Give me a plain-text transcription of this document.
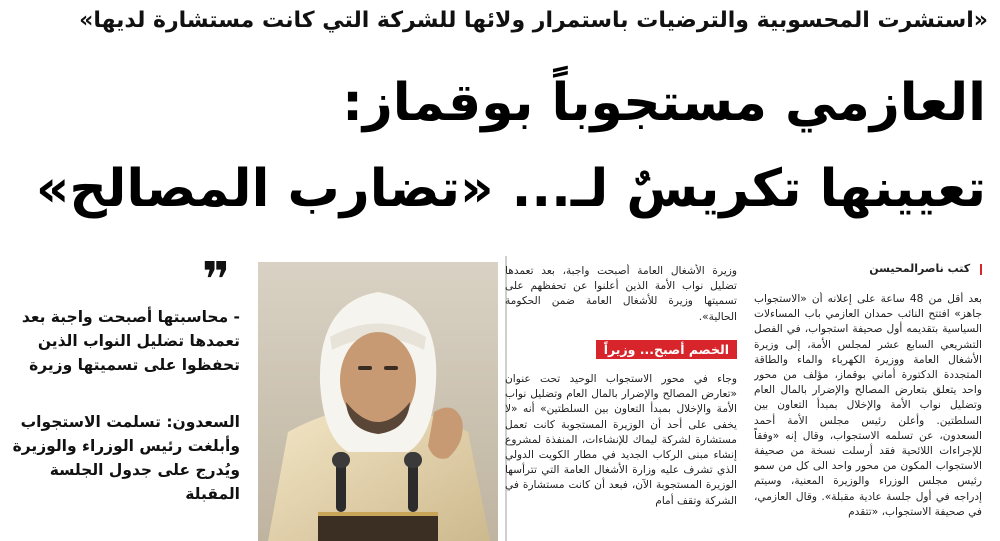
«استشرت المحسوبية والترضيات باستمرار ولائها للشركة التي كانت مستشارة لديها»
العازمي مستجوباً بوقماز:
تعيينها تكريسٌ لـ... «تضارب المصالح»
كتب ناصرالمحيسن
بعد أقل من 48 ساعة على إعلانه أن «الاستجواب جاهز» افتتح النائب حمدان العازمي باب المساءلات السياسية بتقديمه أول صحيفة استجواب، في الفصل التشريعي السابع عشر لمجلس الأمة، إلى وزيرة الأشغال العامة ووزيرة الكهرباء والماء والطاقة المتجددة الدكتورة أماني بوقماز، مؤلف من محور واحد يتعلق بتعارض المصالح والإضرار بالمال العام وتضليل نواب الأمة والإخلال بمبدأ التعاون بين السلطتين. وأعلن رئيس مجلس الأمة أحمد السعدون، عن تسلمه الاستجواب، وقال إنه «وفقاً للإجراءات اللائحية فقد أرسلت نسخة من صحيفة الاستجواب المكون من محور واحد الى كل من سمو رئيس مجلس الوزراء والوزيرة المعنية، وسيتم إدراجه في أول جلسة عادية مقبلة». وقال العازمي، في صحيفة الاستجواب، «تتقدم
وزيرة الأشغال العامة أصبحت واجبة، بعد تعمدها تضليل نواب الأمة الذين أعلنوا عن تحفظهم على تسميتها وزيرة للأشغال العامة ضمن الحكومة الحالية».
الخصم أصبح... وزيراً
وجاء في محور الاستجواب الوحيد تحت عنوان «تعارض المصالح والإضرار بالمال العام وتضليل نواب الأمة والإخلال بمبدأ التعاون بين السلطتين» أنه «لا يخفى على أحد أن الوزيرة المستجوبة كانت تعمل مستشارة لشركة ليماك للإنشاءات، المنفذة لمشروع إنشاء مبنى الركاب الجديد في مطار الكويت الدولي الذي تشرف عليه وزارة الأشغال العامة التي تترأسها الوزيرة المستجوبة الآن، فبعد أن كانت مستشارة في الشركة وتقف أمام
❞
- محاسبتها أصبحت واجبة بعد تعمدها تضليل النواب الذين تحفظوا على تسميتها وزيرة
السعدون: تسلمت الاستجواب وأبلغت رئيس الوزراء والوزيرة ويُدرج على جدول الجلسة المقبلة
